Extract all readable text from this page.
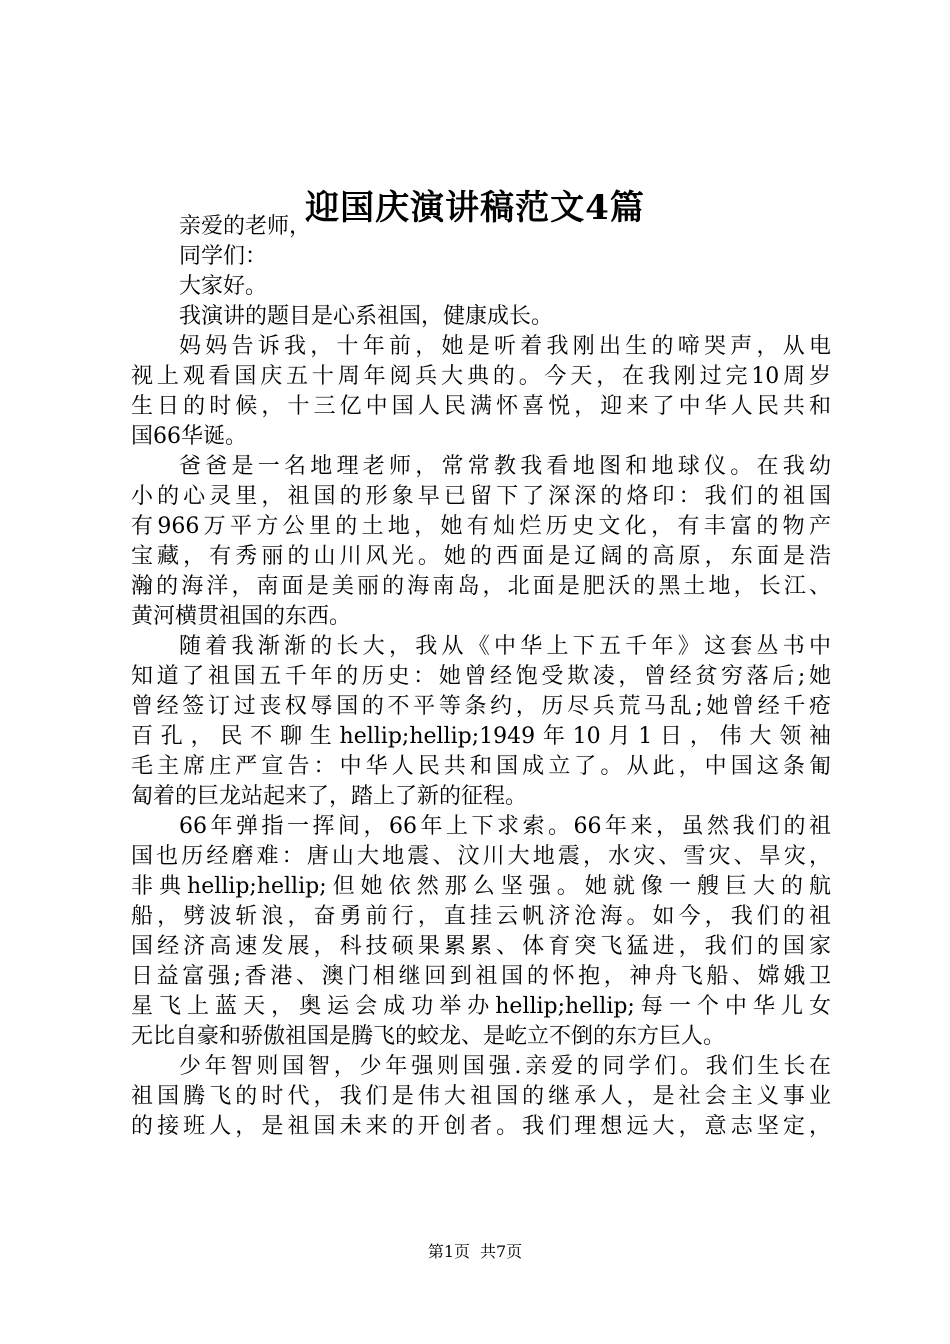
迎国庆演讲稿范文4篇
亲爱的老师，
同学们：
大家好。
我演讲的题目是心系祖国，健康成长。
妈妈告诉我，十年前，她是听着我刚出生的啼哭声，从电
视上观看国庆五十周年阅兵大典的。今天，在我刚过完10周岁
生日的时候，十三亿中国人民满怀喜悦，迎来了中华人民共和
国66华诞。
爸爸是一名地理老师，常常教我看地图和地球仪。在我幼
小的心灵里，祖国的形象早已留下了深深的烙印：我们的祖国
有966万平方公里的土地，她有灿烂历史文化，有丰富的物产
宝藏，有秀丽的山川风光。她的西面是辽阔的高原，东面是浩
瀚的海洋，南面是美丽的海南岛，北面是肥沃的黑土地，长江、
黄河横贯祖国的东西。
随着我渐渐的长大，我从《中华上下五千年》这套丛书中
知道了祖国五千年的历史：她曾经饱受欺凌，曾经贫穷落后;她
曾经签订过丧权辱国的不平等条约，历尽兵荒马乱;她曾经千疮
百孔，民不聊生hellip;hellip;1949年10月1日，伟大领袖
毛主席庄严宣告：中华人民共和国成立了。从此，中国这条匍
匐着的巨龙站起来了，踏上了新的征程。
66年弹指一挥间，66年上下求索。66年来，虽然我们的祖
国也历经磨难：唐山大地震、汶川大地震，水灾、雪灾、旱灾，
非典hellip;hellip;但她依然那么坚强。她就像一艘巨大的航
船，劈波斩浪，奋勇前行，直挂云帆济沧海。如今，我们的祖
国经济高速发展，科技硕果累累、体育突飞猛进，我们的国家
日益富强;香港、澳门相继回到祖国的怀抱，神舟飞船、嫦娥卫
星飞上蓝天，奥运会成功举办hellip;hellip;每一个中华儿女
无比自豪和骄傲祖国是腾飞的蛟龙、是屹立不倒的东方巨人。
少年智则国智，少年强则国强.亲爱的同学们。我们生长在
祖国腾飞的时代，我们是伟大祖国的继承人，是社会主义事业
的接班人，是祖国未来的开创者。我们理想远大，意志坚定，
第1页 共7页
